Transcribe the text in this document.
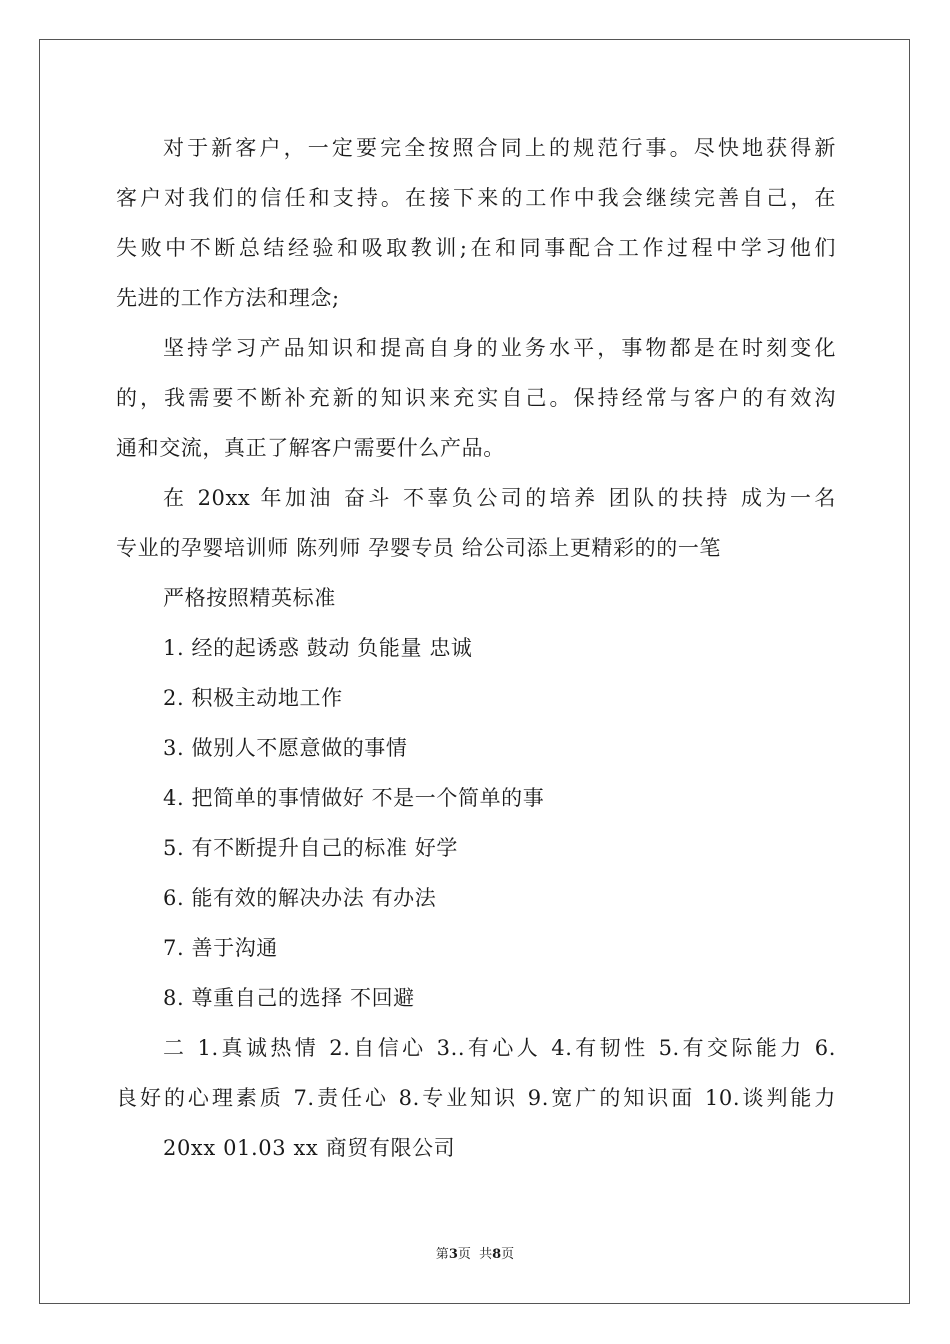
对于新客户，一定要完全按照合同上的规范行事。尽快地获得新
客户对我们的信任和支持。在接下来的工作中我会继续完善自己，在
失败中不断总结经验和吸取教训;在和同事配合工作过程中学习他们
先进的工作方法和理念;
坚持学习产品知识和提高自身的业务水平，事物都是在时刻变化
的，我需要不断补充新的知识来充实自己。保持经常与客户的有效沟
通和交流，真正了解客户需要什么产品。
在 20xx 年加油 奋斗 不辜负公司的培养 团队的扶持 成为一名
专业的孕婴培训师 陈列师 孕婴专员 给公司添上更精彩的的一笔
严格按照精英标准
1. 经的起诱惑 鼓动 负能量 忠诚
2. 积极主动地工作
3. 做别人不愿意做的事情
4. 把简单的事情做好 不是一个简单的事
5. 有不断提升自己的标准 好学
6. 能有效的解决办法 有办法
7. 善于沟通
8. 尊重自己的选择 不回避
二 1.真诚热情 2.自信心 3..有心人 4.有韧性 5.有交际能力 6.
良好的心理素质 7.责任心 8.专业知识 9.宽广的知识面 10.谈判能力
20xx 01.03 xx 商贸有限公司
第3页  共8页
